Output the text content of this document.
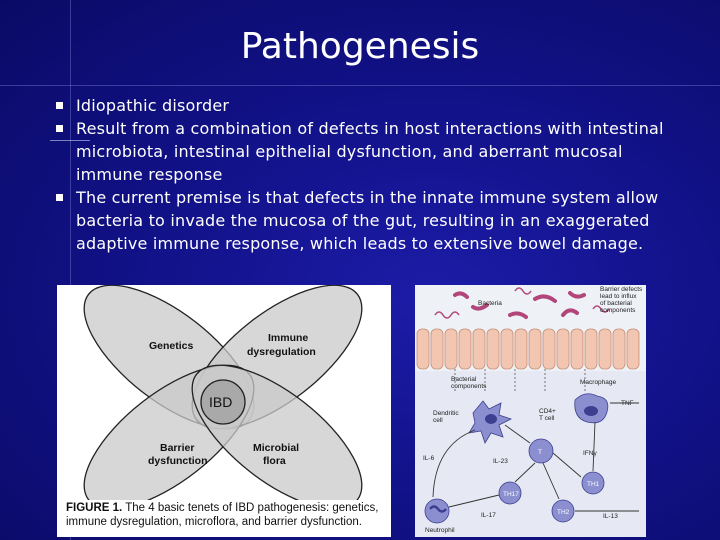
Pathogenesis
Idiopathic disorder
Result from a combination of defects in host interactions with intestinal microbiota, intestinal epithelial dysfunction, and aberrant mucosal immune response
The current premise is that defects in the innate immune system allow bacteria to invade the mucosa of the gut, resulting in an exaggerated adaptive immune response, which leads to extensive bowel damage.
Genetics
Immune
dysregulation
IBD
Barrier
dysfunction
Microbial
flora
FIGURE 1. The 4 basic tenets of IBD pathogenesis: genetics, immune dysregulation, microflora, and barrier dysfunction.
Bacteria
Barrier defects
lead to influx
of bacterial
components
Bacterial
components
Macrophage
TNF
Dendritic
cell
CD4+
T cell
T
IL-6	IL-23
IFNγ
TH17
TH1
TH2
IL-17	IL-13
Neutrophil
